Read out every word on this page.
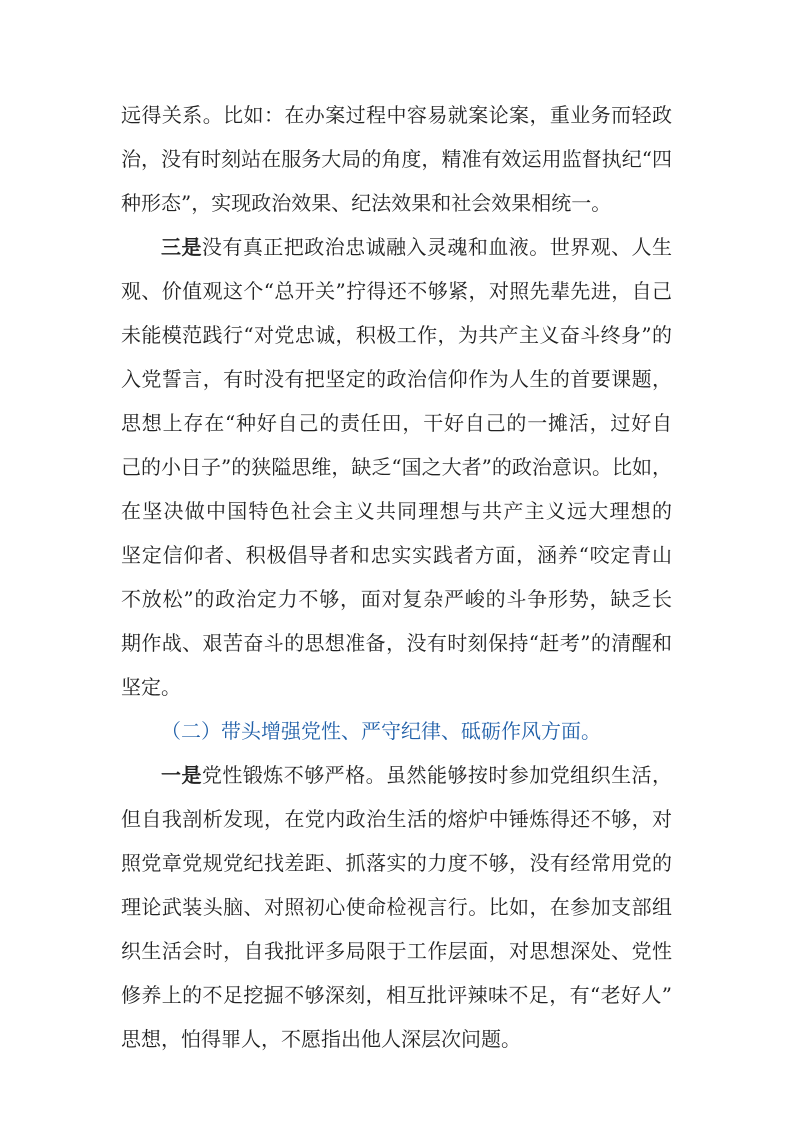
远得关系。比如：在办案过程中容易就案论案，重业务而轻政
治，没有时刻站在服务大局的角度，精准有效运用监督执纪“四
种形态”，实现政治效果、纪法效果和社会效果相统一。
三是没有真正把政治忠诚融入灵魂和血液。世界观、人生
观、价值观这个“总开关”拧得还不够紧，对照先辈先进，自己
未能模范践行“对党忠诚，积极工作，为共产主义奋斗终身”的
入党誓言，有时没有把坚定的政治信仰作为人生的首要课题，
思想上存在“种好自己的责任田，干好自己的一摊活，过好自
己的小日子”的狭隘思维，缺乏“国之大者”的政治意识。比如，
在坚决做中国特色社会主义共同理想与共产主义远大理想的
坚定信仰者、积极倡导者和忠实实践者方面，涵养“咬定青山
不放松”的政治定力不够，面对复杂严峻的斗争形势，缺乏长
期作战、艰苦奋斗的思想准备，没有时刻保持“赶考”的清醒和
坚定。
（二）带头增强党性、严守纪律、砥砺作风方面。
一是党性锻炼不够严格。虽然能够按时参加党组织生活，
但自我剖析发现，在党内政治生活的熔炉中锤炼得还不够，对
照党章党规党纪找差距、抓落实的力度不够，没有经常用党的
理论武装头脑、对照初心使命检视言行。比如，在参加支部组
织生活会时，自我批评多局限于工作层面，对思想深处、党性
修养上的不足挖掘不够深刻，相互批评辣味不足，有“老好人”
思想，怕得罪人，不愿指出他人深层次问题。
